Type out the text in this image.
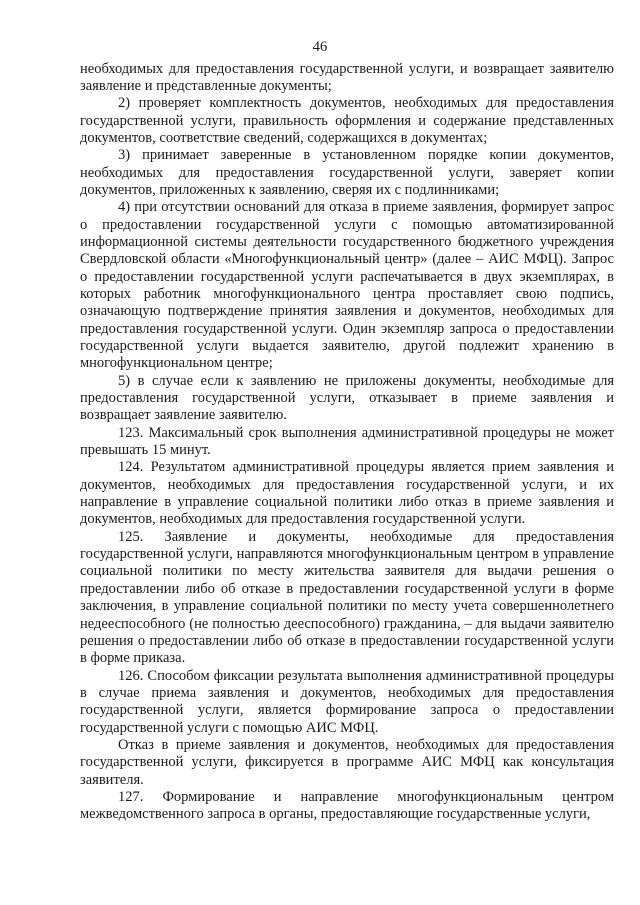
46

необходимых для предоставления государственной услуги, и возвращает заявителю заявление и представленные документы;

2) проверяет комплектность документов, необходимых для предоставления государственной услуги, правильность оформления и содержание представленных документов, соответствие сведений, содержащихся в документах;

3) принимает заверенные в установленном порядке копии документов, необходимых для предоставления государственной услуги, заверяет копии документов, приложенных к заявлению, сверяя их с подлинниками;

4) при отсутствии оснований для отказа в приеме заявления, формирует запрос о предоставлении государственной услуги с помощью автоматизированной информационной системы деятельности государственного бюджетного учреждения Свердловской области «Многофункциональный центр» (далее – АИС МФЦ). Запрос о предоставлении государственной услуги распечатывается в двух экземплярах, в которых работник многофункционального центра проставляет свою подпись, означающую подтверждение принятия заявления и документов, необходимых для предоставления государственной услуги. Один экземпляр запроса о предоставлении государственной услуги выдается заявителю, другой подлежит хранению в многофункциональном центре;

5) в случае если к заявлению не приложены документы, необходимые для предоставления государственной услуги, отказывает в приеме заявления и возвращает заявление заявителю.

123. Максимальный срок выполнения административной процедуры не может превышать 15 минут.

124. Результатом административной процедуры является прием заявления и документов, необходимых для предоставления государственной услуги, и их направление в управление социальной политики либо отказ в приеме заявления и документов, необходимых для предоставления государственной услуги.

125. Заявление и документы, необходимые для предоставления государственной услуги, направляются многофункциональным центром в управление социальной политики по месту жительства заявителя для выдачи решения о предоставлении либо об отказе в предоставлении государственной услуги в форме заключения, в управление социальной политики по месту учета совершеннолетнего недееспособного (не полностью дееспособного) гражданина, – для выдачи заявителю решения о предоставлении либо об отказе в предоставлении государственной услуги в форме приказа.

126. Способом фиксации результата выполнения административной процедуры в случае приема заявления и документов, необходимых для предоставления государственной услуги, является формирование запроса о предоставлении государственной услуги с помощью АИС МФЦ.

Отказ в приеме заявления и документов, необходимых для предоставления государственной услуги, фиксируется в программе АИС МФЦ как консультация заявителя.

127. Формирование и направление многофункциональным центром межведомственного запроса в органы, предоставляющие государственные услуги,
